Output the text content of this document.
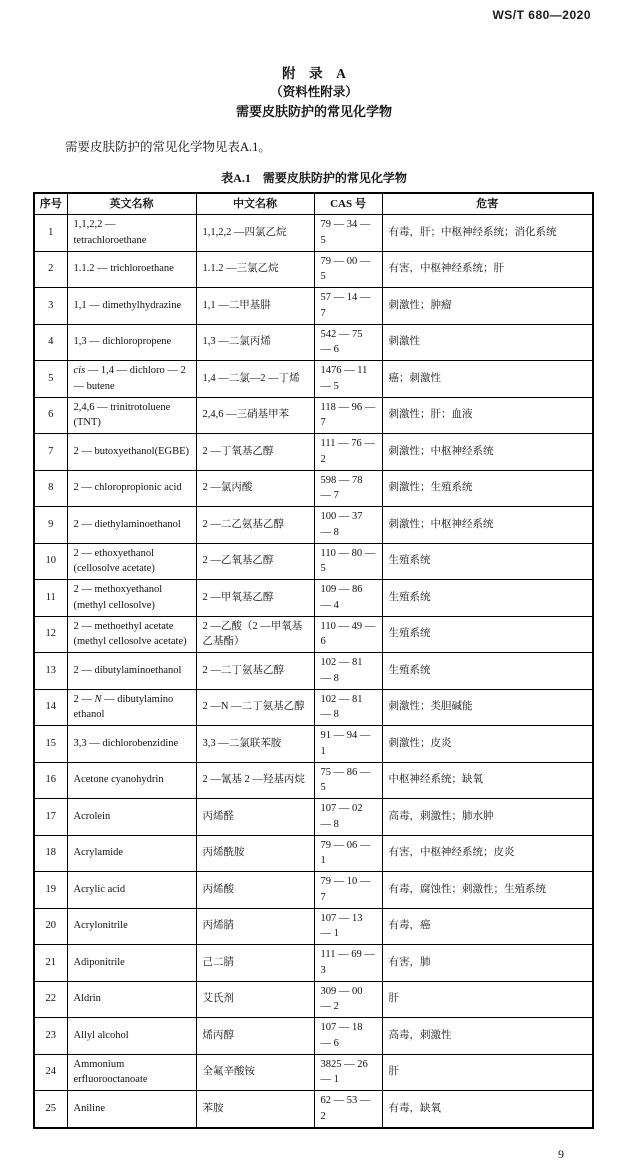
WS/T 680—2020
附　录　A
（资料性附录）
需要皮肤防护的常见化学物

需要皮肤防护的常见化学物见表A.1。

表A.1　需要皮肤防护的常见化学物
序号	英文名称	中文名称	CAS 号	危害
1	1,1,2,2 — tetrachloroethane	1,1,2,2 —四氯乙烷	79 — 34 — 5	有毒，肝；中枢神经系统；消化系统
2	1.1.2 — trichloroethane	1.1.2 —三氯乙烷	79 — 00 — 5	有害，中枢神经系统；肝
3	1,1 — dimethylhydrazine	1,1 —二甲基肼	57 — 14 — 7	刺激性；肿瘤
4	1,3 — dichloropropene	1,3 —二氯丙烯	542 — 75 — 6	刺激性
5	cis — 1,4 — dichloro — 2 — butene	1,4 —二氯—2 —丁烯	1476 — 11 — 5	癌；刺激性
6	2,4,6 — trinitrotoluene (TNT)	2,4,6 —三硝基甲苯	118 — 96 — 7	刺激性；肝；血液
7	2 — butoxyethanol(EGBE)	2 —丁氧基乙醇	111 — 76 — 2	刺激性；中枢神经系统
8	2 — chloropropionic acid	2 —氯丙酸	598 — 78 — 7	刺激性；生殖系统
9	2 — diethylaminoethanol	2 —二乙氨基乙醇	100 — 37 — 8	刺激性；中枢神经系统
10	2 — ethoxyethanol (cellosolve acetate)	2 —乙氧基乙醇	110 — 80 — 5	生殖系统
11	2 — methoxyethanol (methyl cellosolve)	2 —甲氧基乙醇	109 — 86 — 4	生殖系统
12	2 — methoethyl acetate (methyl cellosolve acetate)	2 —乙酸（2 —甲氧基乙基酯）	110 — 49 — 6	生殖系统
13	2 — dibutylaminoethanol	2 —二丁氨基乙醇	102 — 81 — 8	生殖系统
14	2 — N — dibutylamino ethanol	2 —N —二丁氨基乙醇	102 — 81 — 8	刺激性；类胆碱能
15	3,3 — dichlorobenzidine	3,3 —二氯联苯胺	91 — 94 — 1	刺激性；皮炎
16	Acetone cyanohydrin	2 —氰基 2 —羟基丙烷	75 — 86 — 5	中枢神经系统；缺氧
17	Acrolein	丙烯醛	107 — 02 — 8	高毒，刺激性；肺水肿
18	Acrylamide	丙烯酰胺	79 — 06 — 1	有害，中枢神经系统；皮炎
19	Acrylic acid	丙烯酸	79 — 10 — 7	有毒，腐蚀性；刺激性；生殖系统
20	Acrylonitrile	丙烯腈	107 — 13 — 1	有毒，癌
21	Adiponitrile	己二腈	111 — 69 — 3	有害，肺
22	Aldrin	艾氏剂	309 — 00 — 2	肝
23	Allyl alcohol	烯丙醇	107 — 18 — 6	高毒，刺激性
24	Ammonium erfluorooctanoate	全氟辛酸铵	3825 — 26 — 1	肝
25	Aniline	苯胺	62 — 53 — 2	有毒，缺氧
9
